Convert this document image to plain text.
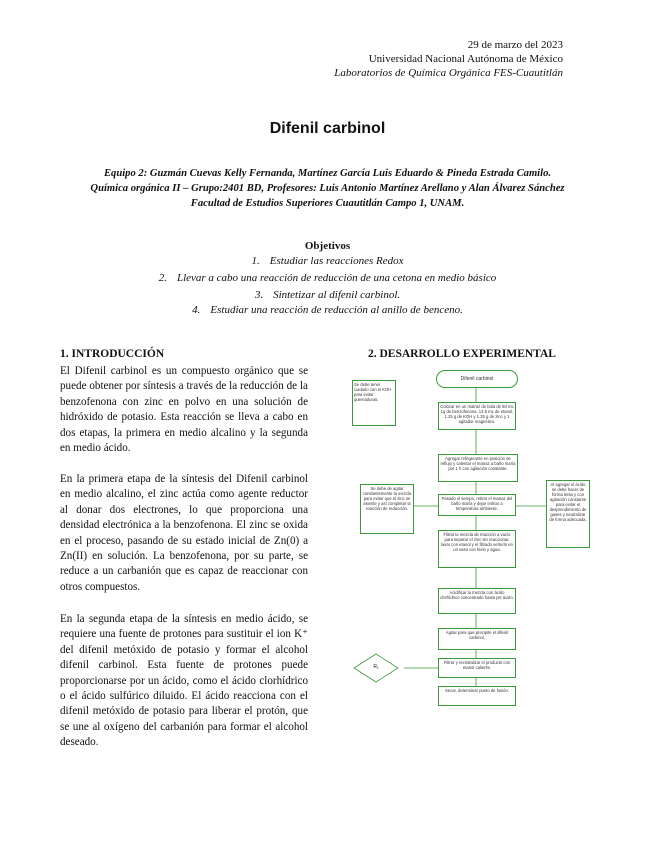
29 de marzo del 2023
Universidad Nacional Autónoma de México
Laboratorios de Química Orgánica FES-Cuautitlán
Difenil carbinol
Equipo 2: Guzmán Cuevas Kelly Fernanda, Martínez García Luis Eduardo & Pineda Estrada Camilo.
Química orgánica II – Grupo:2401 BD, Profesores: Luis Antonio Martínez Arellano y Alan Álvarez Sánchez
Facultad de Estudios Superiores Cuautitlán Campo 1, UNAM.
Objetivos
1. Estudiar las reacciones Redox
2. Llevar a cabo una reacción de reducción de una cetona en medio básico
3. Sintetizar al difenil carbinol.
4. Estudiar una reacción de reducción al anillo de benceno.
1. INTRODUCCIÓN

El Difenil carbinol es un compuesto orgánico que se puede obtener por síntesis a través de la reducción de la benzofenona con zinc en polvo en una solución de hidróxido de potasio. Esta reacción se lleva a cabo en dos etapas, la primera en medio alcalino y la segunda en medio ácido.

En la primera etapa de la síntesis del Difenil carbinol en medio alcalino, el zinc actúa como agente reductor al donar dos electrones, lo que proporciona una densidad electrónica a la benzofenona. El zinc se oxida en el proceso, pasando de su estado inicial de Zn(0) a Zn(II) en solución. La benzofenona, por su parte, se reduce a un carbanión que es capaz de reaccionar con otros compuestos.

En la segunda etapa de la síntesis en medio ácido, se requiere una fuente de protones para sustituir el ion K⁺ del difenil metóxido de potasio y formar el alcohol difenil carbinol. Esta fuente de protones puede proporcionarse por un ácido, como el ácido clorhídrico o el ácido sulfúrico diluido. El ácido reacciona con el difenil metóxido de potasio para liberar el protón, que se une al oxígeno del carbanión para formar el alcohol deseado.

2. DESARROLLO EXPERIMENTAL
Difenil carbinol
Se debe tener cuidado con el KOH para evitar quemaduras.
Colocar en un matraz de bola de 50 mL 1g de benzofenona, 12.5 mL de etanol, 1.25 g de KOH y 1.25 g de zinc y 1 agitador magnético.
Agregar refrigerante en posición de reflujo y calentar el matraz a baño maría por 1 h con agitación constante.
Pasado el tiempo, retirar el matraz del baño maría y dejar enfriar a temperatura ambiente.
Se debe de agitar constantemente la mezcla para evitar que el zinc se asiente y así completar la reacción de reducción.
Al agregar el ácido se debe hacer de forma lenta y con agitación constante para evitar el desprendimiento de gases y neutralizar de forma adecuada.
Filtrar la mezcla de reacción a vacío para separar el zinc sin reaccionar, lavar con etanol y el filtrado verterlo en un vaso con hielo y agua.
Acidificar la mezcla con ácido clorhídrico concentrado hasta pH ácido.
Agitar para que precipite el difenil carbinol.
R₁
Filtrar y recristalizar el producto con etanol caliente.
Secar, determinar punto de fusión.
